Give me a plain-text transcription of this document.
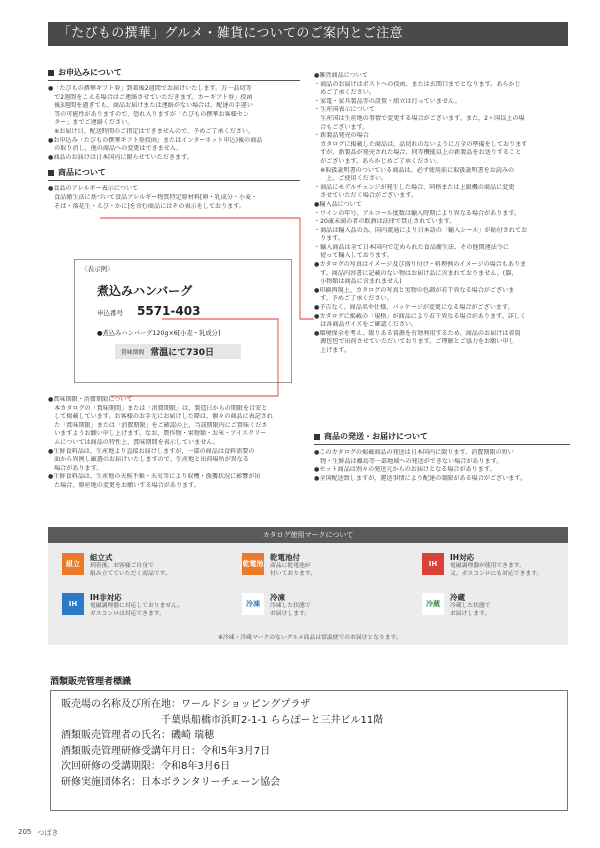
「たびもの撰華」グルメ・雑貨についてのご案内とご注意
お申込みについて

●「たびもの撰華ギフト券」到着後2週間でお届けいたします。万一品切等

　で2週間をこえる場合はご連絡させていただきます。カーギフト券」投函

　後3週間を過ぎても、商品お届けまたは連絡がない場合は、配達の手違い

　等の可能性がありますので、恐れ入りますが「たびもの撰華お客様セン

　ター」までご連絡ください。

　※お届け日、配送時間のご指定はできませんので、予めご了承ください。

●お申込み「たびもの撰華ギフト券投函」またはインターネット申込)後の商品

　の取り消し、他の商品への変更はできません。

●商品のお届けは日本国内に限らせていただきます。

商品について

●食品のアレルギー表示について

　食品衛生法に基づいて食品アレルギー物質特定原材料[卵・乳成分・小麦・

　そば・落花生・えび・かに]を含む商品にはその表示をしております。

〈表示例〉
煮込みハンバーグ
申込番号 5571-403
●煮込みハンバーグ120g×6[小麦・乳成分]
賞味期間 常温にて730日

●賞味期限・消費期限について

　本カタログの「賞味期間」または「消費期限」は、製造日からの期限を目安と

　して掲載しています。お客様のお手元にお届けした際は、個々の商品に表記され

　た「賞味期限」または「消費期限」をご確認の上、当該期限内にご賞味くださ

　いますようお願い申し上げます。なお、農作物・果物類・お米・アイスクリー

　ムについては商品の特性上、賞味期間を表示していません。

●生鮮食料品は、生産地より直接お届けしますが、一部の商品は食料需要の

　面から異例し厳選のお届けいたしますので、生産地と出荷場所が異なる

　場合があります。

●生鮮食料品は、生産地の天候不順・天災等により収穫・漁獲状況に影響が出

　た場合、原産地の変更をお願いする場合があります。

●雑貨商品について

・商品のお届けはポストへの投函、または玄関口までとなります。あらかじ

　めご了承ください。

・家電・家具製品等の設置・組立は行っていません。

・生産国表示について

　生産国は生産地の事情で変更する場合がございます。また、2ヶ国以上の場

　合もございます。

・新製品発売の場合

　カタログに掲載した商品は、品切れのないように万全の準備をしております

　すが、新製品が発売された場合、同等機能以上の新製品をお送りすること

　がございます。あらかじめご了承ください。

　※取扱説明書のついている商品は、必ず使用前に取扱説明書をお読みの

　　上、ご使用ください。

・商品にモデルチェンジが発生した場合、同格または上級機の商品に変更

　させていただく場合がございます。

●輸入品について

・ワインの年号、アルコール度数は輸入時期により異なる場合があります。

・20歳未満の者の飲酒は法律で禁止されています。

・商品は輸入品の為、国内流通により日本語の「輸入シール」が貼付されてお

　ります。

・輸入商品は全て日本国内で定められた食品衛生法、その他関連法令に

　従って輸入しております。

●カタログの写真はイメージ及び盛り付け・料理例のイメージの場合もありま

　す。商品内容書に記載のない物はお届け品に含まれておりません。(器、

　小物類は商品に含まれません)

●印刷再現上、カタログの写真と実物の色調が若干異なる場合がございま

　す。予めご了承ください。

●予告なく、商品名や仕様、パッケージが変更になる場合がございます。

●カタログに掲載の「規格」が商品により若干異なる場合があります。詳しく

　は各商品サイズをご確認ください。

●環境保全を考え、限りある資源を有効利用するため、商品のお届けは省資

　源包包で出荷させていただいております。ご理解とご協力をお願い申し

　上げます。

商品の発送・お届けについて

●このカタログの掲載商品の発送は日本国内に限ります。消費期限の短い

　物・生鮮品は離島等一部地域への発送ができない場合があります。

●セット商品は別々の発送元からのお届けとなる場合があります。

●全国配送致しますが、運送事情により配達の制限がある場合がございます。

カタログ使用マークについて
組立
組立式
到着後、お客様ご自身で
組み立てていただく商品です。
乾電池
乾電池付
商品に乾電池が
付いております。
IH
IH対応
電磁調理器が使用できます。
又、ガスコンロにも対応できます。
IH
IH非対応
電磁調理器に対応しておりません。
ガスコンロは対応できます。
冷凍
冷凍
冷凍した状態で
お届けします。
冷蔵
冷蔵
冷蔵した状態で
お届けします。
※冷凍・冷蔵マークのないグルメ商品は常温便でのお届けとなります。
酒類販売管理者標識

販売場の名称及び所在地：ワールドショッピングプラザ

　　　　　　　　　　千葉県船橋市浜町2-1-1 ららぽーと三井ビル11階

酒類販売管理者の氏名：磯崎 瑞穂

酒類販売管理研修受講年月日：令和5年3月7日

次回研修の受講期限：令和8年3月6日

研修実施団体名：日本ボランタリーチェーン協会

205 つばき
